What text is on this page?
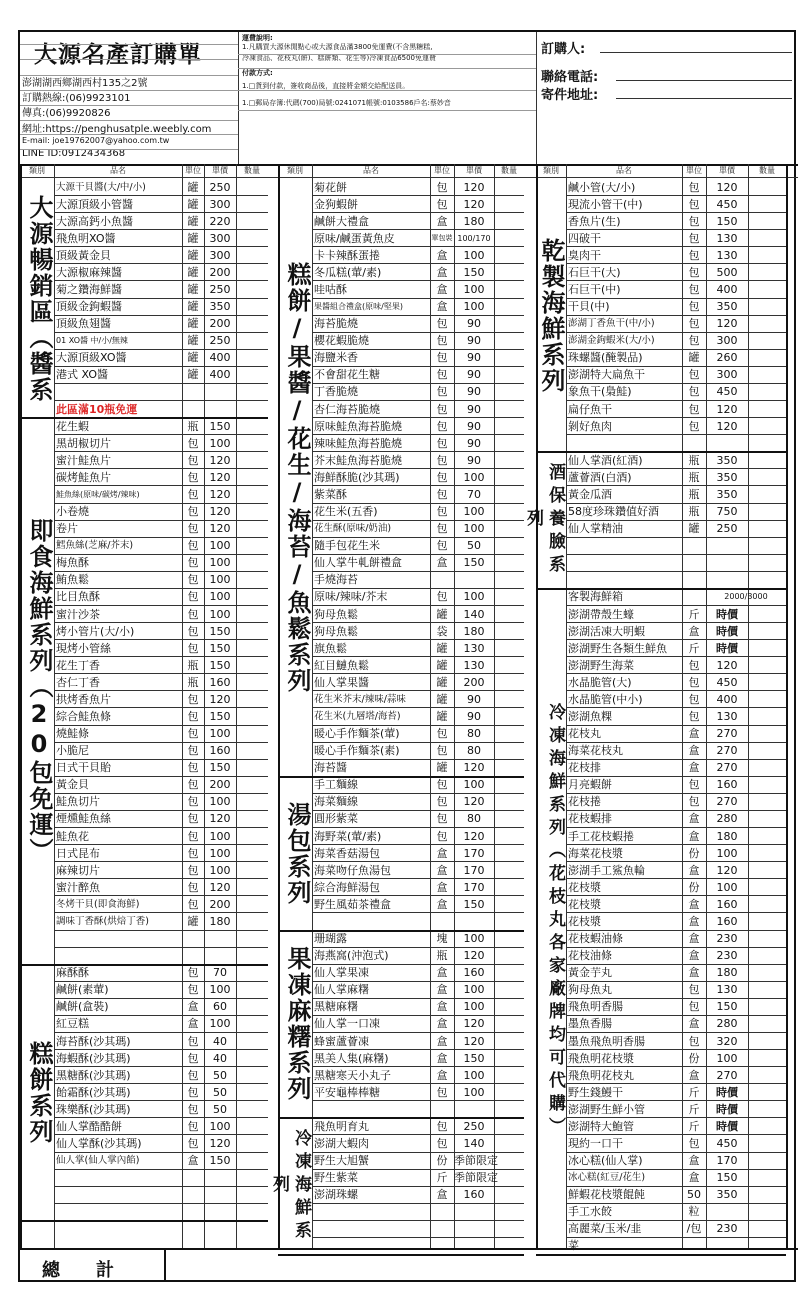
大源名產訂購單
澎湖湖西鄉湖西村135之2號
訂購熱線:(06)9923101
傳真:(06)9920826
網址:https://penghusatple.weebly.com
E-mail: joe19762007@yahoo.com.tw
LINE ID:0912434368
運費說明:
1.凡購買大源休閒點心或大源食品滿3800免運費(不含黑糖糕,
冷凍食品、花枝丸(餅)、糕餅類、花生等)冷凍食品6500免運費
付款方式:
1.□貨到付款，簽收商品後，直接將金額交給配送員。
1.□郵局存簿:代碼(700)局號:0241071帳號:0103586戶名:蔡妙音
訂購人:
聯絡電話:
寄件地址:
類別	品名	單位	單價	數量
大源暢銷區︵醬系
大源干貝醬(大/中/小)	罐	250
大源頂級小管醬	罐	300
大源高鈣小魚醬	罐	220
飛魚明XO醬	罐	300
頂級黃金貝	罐	300
大源椒麻辣醬	罐	200
菊之鑽海鮮醬	罐	250
頂級金鉤蝦醬	罐	350
頂級魚翅醬	罐	200
01 XO醬 中/小/無辣	罐	250
大源頂級XO醬	罐	400
港式 XO醬	罐	400
此區滿10瓶免運
即食海鮮系列︵20包免運︶
花生蝦	瓶	150
黑胡椒切片	包	100
蜜汁鮭魚片	包	120
碳烤鮭魚片	包	120
鮭魚絲(原味/碳烤/辣味)	包	120
小卷燒	包	120
卷片	包	120
鱈魚絲(芝麻/芥末)	包	100
梅魚酥	包	100
鮪魚鬆	包	100
比目魚酥	包	100
蜜汁沙茶	包	100
烤小管片(大/小)	包	150
現烤小管絲	包	150
花生丁香	瓶	150
杏仁丁香	瓶	160
拱烤香魚片	包	120
綜合鮭魚條	包	150
燒鮭條	包	100
小脆尼	包	160
日式干貝貽	包	150
黃金貝	包	200
鮭魚切片	包	100
煙燻鮭魚絲	包	120
鮭魚花	包	100
日式昆布	包	100
麻辣切片	包	100
蜜汁醉魚	包	120
冬烤干貝(即食海鮮)	包	200
調味丁香酥(烘焙丁香)	罐	180
糕餅系列
麻酥酥	包	70
鹹餅(素葷)	包	100
鹹餅(盒裝)	盒	60
紅豆糕	盒	100
海苔酥(沙其瑪)	包	40
海蝦酥(沙其瑪)	包	40
黑糖酥(沙其瑪)	包	50
飴霜酥(沙其瑪)	包	50
珠樂酥(沙其瑪)	包	50
仙人掌酷酷餅	包	100
仙人掌酥(沙其瑪)	包	120
仙人掌(仙人掌內餡)	盒	150
類別	品名	單位	單價	數量
糕餅/果醬/花生/海苔/魚鬆系列
菊花餅	包	120
金狗蝦餅	包	120
鹹餅大禮盒	盒	180
原味/鹹蛋黃魚皮	單包裝 100/170
卡卡辣酥蛋捲	盒	100
冬瓜糕(葷/素)	盒	150
哇咕酥	盒	100
果醬組合禮盒(原味/堅果)	盒	100
海苔脆燒	包	90
櫻花蝦脆燒	包	90
海鹽米香	包	90
不會甜花生糖	包	90
丁香脆燒	包	90
杏仁海苔脆燒	包	90
原味鮭魚海苔脆燒	包	90
辣味鮭魚海苔脆燒	包	90
芥末鮭魚海苔脆燒	包	90
海鮮酥脆(沙其瑪)	包	100
紫菜酥	包	70
花生米(五香)	包	100
花生酥(原味/奶油)	包	100
隨手包花生米	包	50
仙人掌牛軋餅禮盒	盒	150
手燒海苔
原味/辣味/芥末	包	100
狗母魚鬆	罐	140
狗母魚鬆	袋	180
旗魚鬆	罐	130
紅目鰱魚鬆	罐	130
仙人掌果醬	罐	200
花生米芥末/辣味/蒜味	罐	90
花生米(九層塔/海苔)	罐	90
暖心手作麵茶(葷)	包	80
暖心手作麵茶(素)	包	80
海苔醬	罐	120
湯包系列
手工麵線	包	100
海菜麵線	包	120
圓形紫菜	包	80
海野菜(葷/素)	包	120
海菜香菇湯包	盒	170
海菜吻仔魚湯包	盒	170
綜合海鮮湯包	盒	170
野生風茹茶禮盒	盒	150
果凍麻糬系列
珊瑚露	塊	100
海燕窩(沖泡式)	瓶	120
仙人掌果凍	盒	160
仙人掌麻糬	盒	100
黑糖麻糬	盒	100
仙人掌一口凍	盒	120
蜂蜜蘆薈凍	盒	120
黑美人集(麻糬)	盒	150
黑糖寒天小丸子	盒	100
平安龜棒棒糖	包	100
冷凍海鮮系列
飛魚明育丸	包	250
澎湖大蝦肉	包	140
野生大旭蟹	份 季節限定
野生紫菜	斤 季節限定
澎湖珠螺	盒	160
類別	品名	單位	單價	數量
乾製海鮮系列
鹹小管(大/小)	包	120
現流小管干(中)	包	450
香魚片(生)	包	150
四破干	包	130
臭肉干	包	130
石巨干(大)	包	500
石巨干(中)	包	400
干貝(中)	包	350
澎湖丁香魚干(中/小)	包	120
澎湖金鉤蝦米(大/小)	包	300
珠螺醬(醃製品)	罐	260
澎湖特大扁魚干	包	300
象魚干(梟鮭)	包	450
扁仔魚干	包	120
剝好魚肉	包	120
酒保養臉系列
仙人掌酒(紅酒)	瓶	350
蘆薈酒(白酒)	瓶	350
黃金瓜酒	瓶	350
58度珍珠鑽值好酒	瓶	750
仙人掌精油	罐	250
冷凍海鮮系列︵花枝丸各家廠牌均可代購︶
客製海鮮箱	2000/3000
澎湖帶殼生蠔	斤	時價
澎湖活凍大明蝦	盒	時價
澎湖野生各類生鮮魚	斤	時價
澎湖野生海菜	包	120
水晶脆管(大)	包	450
水晶脆管(中小)	包	400
澎湖魚粿	包	130
花枝丸	盒	270
海菜花枝丸	盒	270
花枝排	盒	270
月亮蝦餅	包	160
花枝捲	包	270
花枝蝦排	盒	280
手工花枝蝦捲	盒	180
海菜花枝漿	份	100
澎湖手工鯊魚輪	盒	120
花枝漿	份	100
花枝漿	盒	160
花枝漿	盒	160
花枝蝦油條	盒	230
花枝油條	盒	230
黃金芋丸	盒	180
狗母魚丸	包	130
飛魚明香腸	包	150
墨魚香腸	盒	280
墨魚飛魚明香腸	包	320
飛魚明花枝漿	份	100
飛魚明花枝丸	盒	270
野生錢鰻干	斤	時價
澎湖野生鮮小管	斤	時價
澎湖特大鮑管	斤	時價
現約一口干	包	450
冰心糕(仙人掌)	盒	170
冰心糕(紅豆/花生)	盒	150
鮮蝦花枝漿餛飩	50	350
手工水餃	粒
高麗菜/玉米/韭	/包	230
菜
總　　計
